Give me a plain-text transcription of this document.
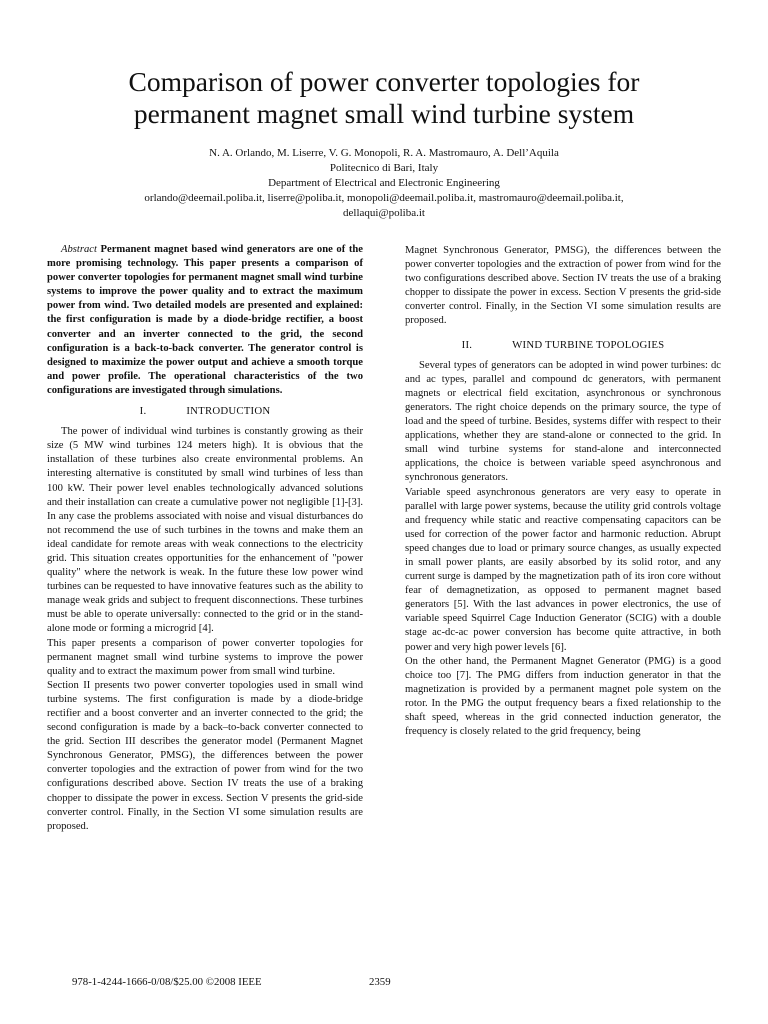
Comparison of power converter topologies for
permanent magnet small wind turbine system
N. A. Orlando, M. Liserre, V. G. Monopoli, R. A. Mastromauro, A. Dell’Aquila
Politecnico di Bari, Italy
Department of Electrical and Electronic Engineering
orlando@deemail.poliba.it, liserre@poliba.it, monopoli@deemail.poliba.it, mastromauro@deemail.poliba.it,
dellaqui@poliba.it

Abstract Permanent magnet based wind generators are one of the more promising technology. This paper presents a comparison of power converter topologies for permanent magnet small wind turbine systems to improve the power quality and to extract the maximum power from wind. Two detailed models are presented and explained: the first configuration is made by a diode-bridge rectifier, a boost converter and an inverter connected to the grid, the second configuration is a back-to-back converter. The generator control is designed to maximize the power output and achieve a smooth torque and power profile. The operational characteristics of the two configurations are investigated through simulations.

I.	INTRODUCTION

The power of individual wind turbines is constantly growing as their size (5 MW wind turbines 124 meters high). It is obvious that the installation of these turbines also create environmental problems. An interesting alternative is constituted by small wind turbines of less than 100 kW. Their power level enables technologically advanced solutions and their installation can create a cumulative power not negligible [1]-[3]. In any case the problems associated with noise and visual disturbances do not recommend the use of such turbines in the towns and make them an ideal candidate for remote areas with weak connections to the electricity grid. This situation creates opportunities for the enhancement of "power quality" where the network is weak. In the future these low power wind turbines can be requested to have innovative features such as the ability to manage weak grids and subject to frequent disconnections. These turbines must be able to operate universally: connected to the grid or in the stand-alone mode or forming a microgrid [4].

This paper presents a comparison of power converter topologies for permanent magnet small wind turbine systems to improve the power quality and to extract the maximum power from small wind turbine.

Section II presents two power converter topologies used in small wind turbine systems. The first configuration is made by a diode-bridge rectifier and a boost converter and an inverter connected to the grid; the second configuration is made by a back–to-back converter connected to the grid. Section III describes the generator model (Permanent Magnet Synchronous Generator, PMSG), the differences between the power converter topologies and the extraction of power from wind for the two configurations described above. Section IV treats the use of a braking chopper to dissipate the power in excess. Section V presents the grid-side converter control. Finally, in the Section VI some simulation results are proposed.

Magnet Synchronous Generator, PMSG), the differences between the power converter topologies and the extraction of power from wind for the two configurations described above. Section IV treats the use of a braking chopper to dissipate the power in excess. Section V presents the grid-side converter control. Finally, in the Section VI some simulation results are proposed.

II.	WIND TURBINE TOPOLOGIES

Several types of generators can be adopted in wind power turbines: dc and ac types, parallel and compound dc generators, with permanent magnets or electrical field excitation, asynchronous or synchronous generators. The right choice depends on the primary source, the type of load and the speed of turbine. Besides, systems differ with respect to their applications, whether they are stand-alone or connected to the grid. In small wind turbine systems for stand-alone and interconnected applications, the choice is between variable speed asynchronous and synchronous generators.

Variable speed asynchronous generators are very easy to operate in parallel with large power systems, because the utility grid controls voltage and frequency while static and reactive compensating capacitors can be used for correction of the power factor and harmonic reduction. Abrupt speed changes due to load or primary source changes, as usually expected in small power plants, are easily absorbed by its solid rotor, and any current surge is damped by the magnetization path of its iron core without fear of demagnetization, as opposed to permanent magnet based generators [5]. With the last advances in power electronics, the use of variable speed Squirrel Cage Induction Generator (SCIG) with a double stage ac-dc-ac power conversion has become quite attractive, in both power and very high power levels [6].

On the other hand, the Permanent Magnet Generator (PMG) is a good choice too [7]. The PMG differs from induction generator in that the magnetization is provided by a permanent magnet pole system on the rotor. In the PMG the output frequency bears a fixed relationship to the shaft speed, whereas in the grid connected induction generator, the frequency is closely related to the grid frequency, being

978-1-4244-1666-0/08/$25.00 ©2008 IEEE	2359
